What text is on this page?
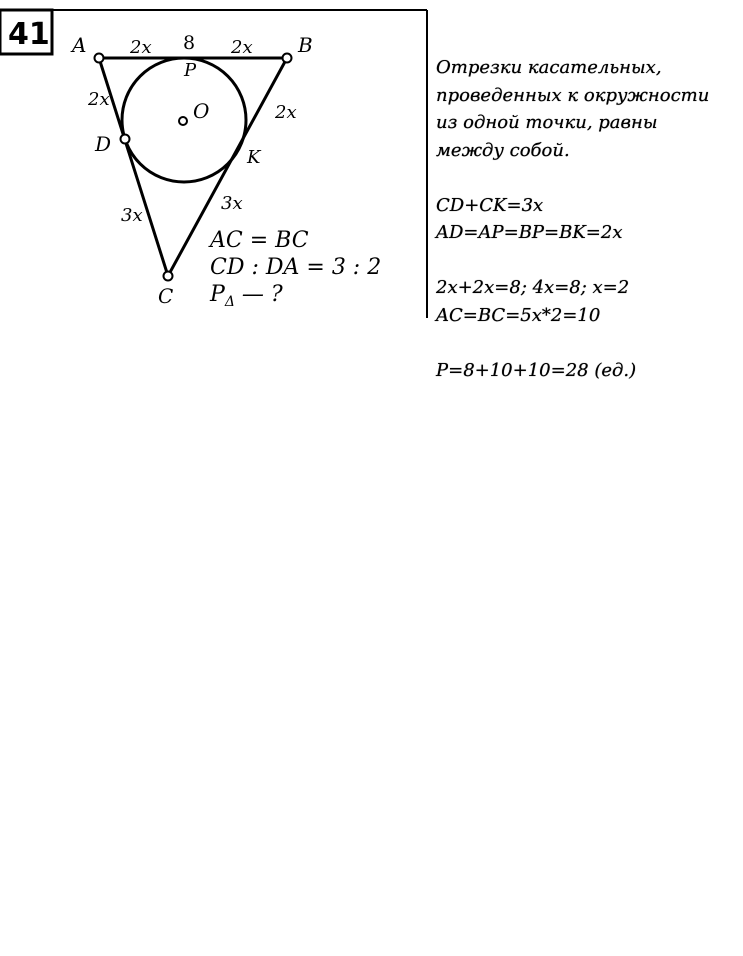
41 A	B
C
D
O
P
K
2x 8 2x
2x
2x
3x
3x
AC = BC
CD : DA = 3 : 2
$P_\Delta$ — ?
Отрезки касательных,
проведенных к окружности
из одной точки, равны
между собой.
CD+CK=3x
AD=AP=BP=BK=2x
2x+2x=8; 4x=8; x=2
AC=BC=5x*2=10
P=8+10+10=28 (ед.)
